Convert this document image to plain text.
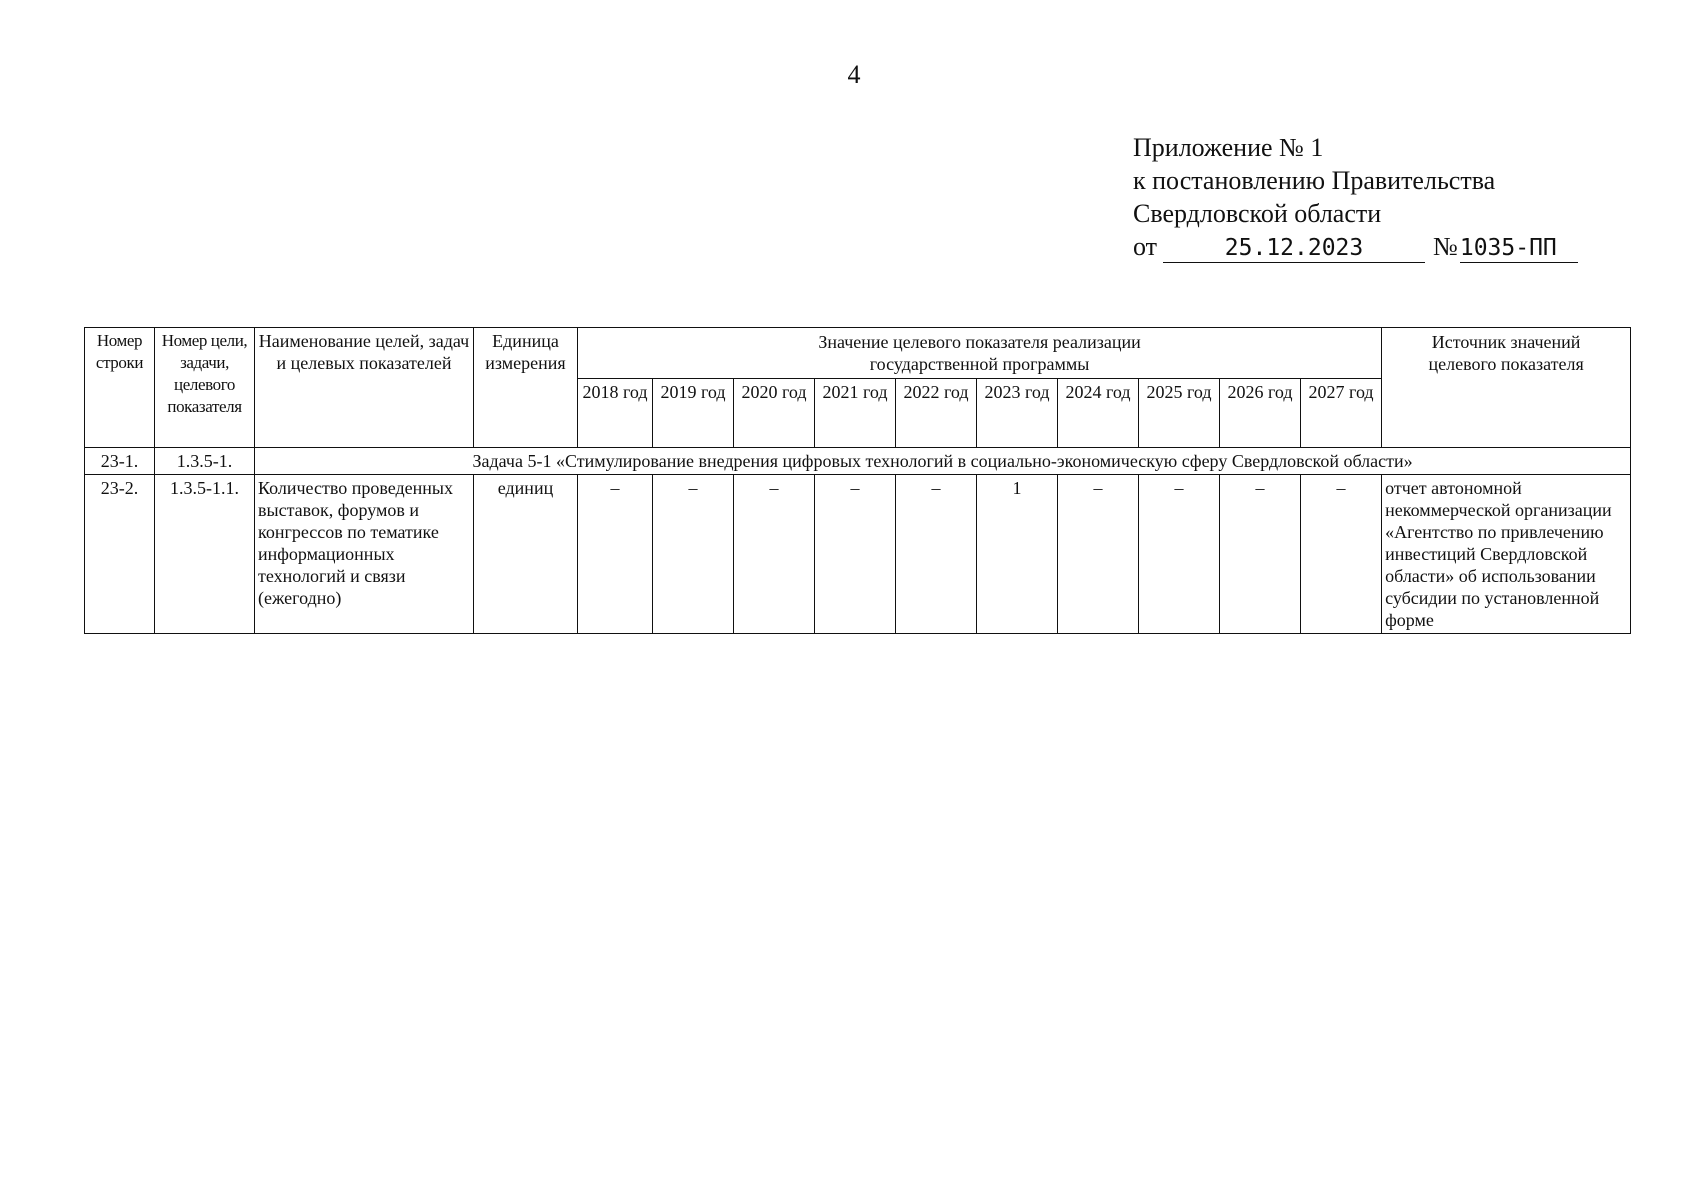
4
Приложение № 1
к постановлению Правительства
Свердловской области
от	25.12.2023	№1035-ПП
Номер строки	Номер цели, задачи, целевого показателя	Наименование целей, задач и целевых показателей	Единица измерения	Значение целевого показателя реализации государственной программы										Источник значений целевого показателя
				2018 год	2019 год	2020 год	2021 год	2022 год	2023 год	2024 год	2025 год	2026 год	2027 год	
23-1.	1.3.5-1.	Задача 5-1 «Стимулирование внедрения цифровых технологий в социально-экономическую сферу Свердловской области»												
23-2.	1.3.5-1.1.	Количество проведенных выставок, форумов и конгрессов по тематике информационных технологий и связи (ежегодно)	единиц	–	–	–	–	–	1	–	–	–	–	отчет автономной некоммерческой организации «Агентство по привлечению инвестиций Свердловской области» об использовании субсидии по установленной форме
